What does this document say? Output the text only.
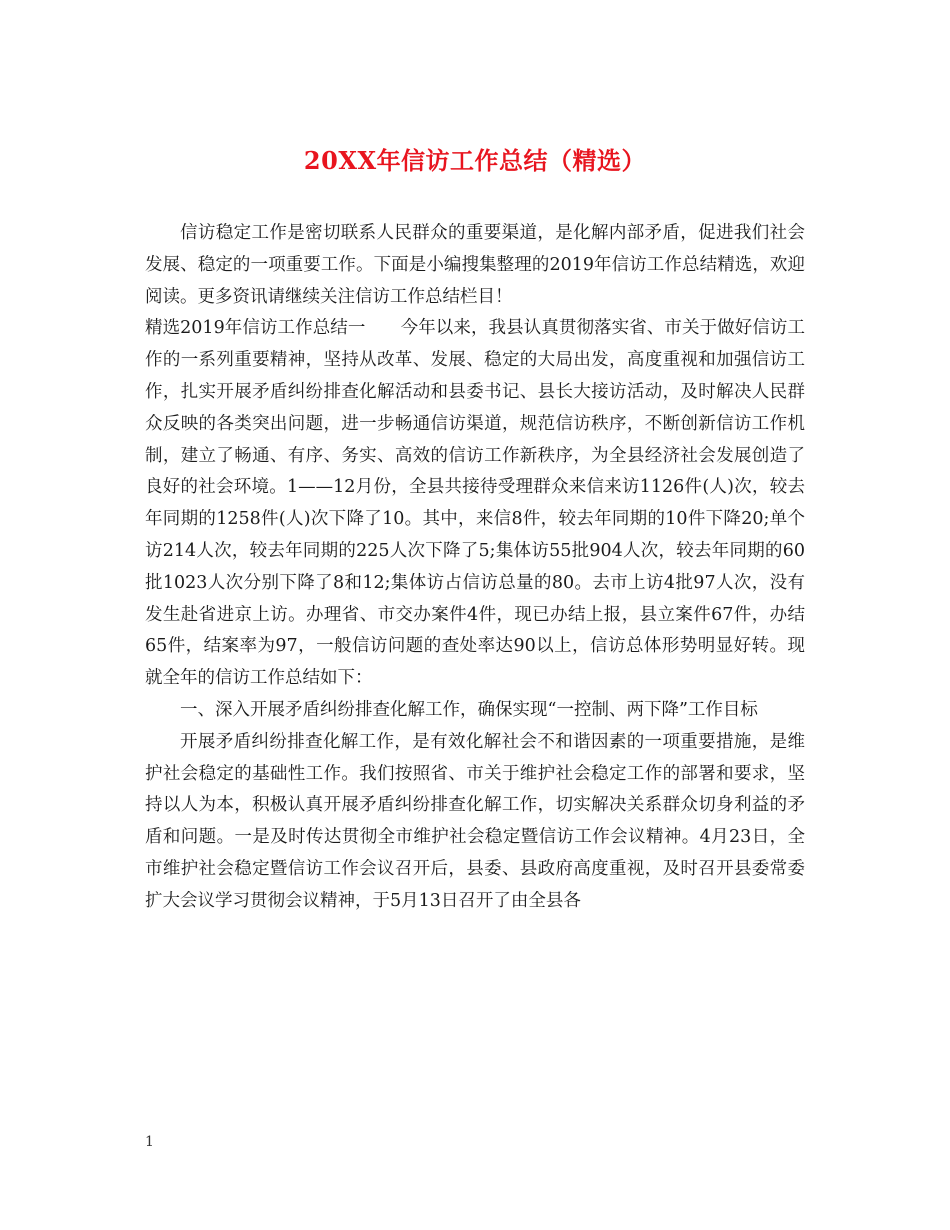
20XX年信访工作总结（精选）

信访稳定工作是密切联系人民群众的重要渠道，是化解内部矛盾，促进我们社会发展、稳定的一项重要工作。下面是小编搜集整理的2019年信访工作总结精选，欢迎阅读。更多资讯请继续关注信访工作总结栏目！

精选2019年信访工作总结一　　今年以来，我县认真贯彻落实省、市关于做好信访工作的一系列重要精神，坚持从改革、发展、稳定的大局出发，高度重视和加强信访工作，扎实开展矛盾纠纷排查化解活动和县委书记、县长大接访活动，及时解决人民群众反映的各类突出问题，进一步畅通信访渠道，规范信访秩序，不断创新信访工作机制，建立了畅通、有序、务实、高效的信访工作新秩序，为全县经济社会发展创造了良好的社会环境。1——12月份，全县共接待受理群众来信来访1126件(人)次，较去年同期的1258件(人)次下降了10。其中，来信8件，较去年同期的10件下降20;单个访214人次，较去年同期的225人次下降了5;集体访55批904人次，较去年同期的60批1023人次分别下降了8和12;集体访占信访总量的80。去市上访4批97人次，没有发生赴省进京上访。办理省、市交办案件4件，现已办结上报，县立案件67件，办结65件，结案率为97，一般信访问题的查处率达90以上，信访总体形势明显好转。现就全年的信访工作总结如下：

一、深入开展矛盾纠纷排查化解工作，确保实现“一控制、两下降”工作目标

开展矛盾纠纷排查化解工作，是有效化解社会不和谐因素的一项重要措施，是维护社会稳定的基础性工作。我们按照省、市关于维护社会稳定工作的部署和要求，坚持以人为本，积极认真开展矛盾纠纷排查化解工作，切实解决关系群众切身利益的矛盾和问题。一是及时传达贯彻全市维护社会稳定暨信访工作会议精神。4月23日，全市维护社会稳定暨信访工作会议召开后，县委、县政府高度重视，及时召开县委常委扩大会议学习贯彻会议精神，于5月13日召开了由全县各

1
